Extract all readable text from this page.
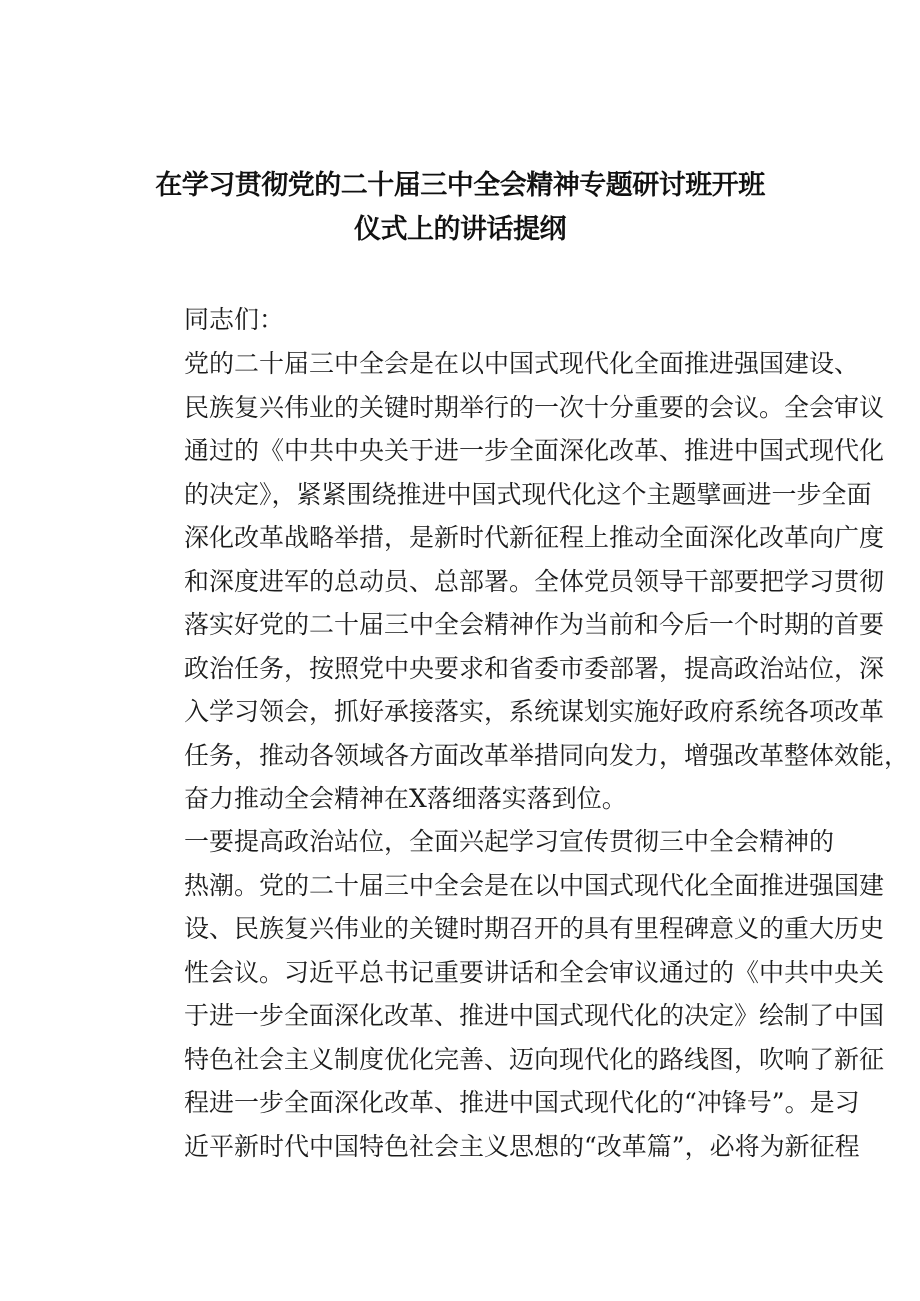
在学习贯彻党的二十届三中全会精神专题研讨班开班
仪式上的讲话提纲

同志们：

党的二十届三中全会是在以中国式现代化全面推进强国建设、
民族复兴伟业的关键时期举行的一次十分重要的会议。全会审议
通过的《中共中央关于进一步全面深化改革、推进中国式现代化
的决定》，紧紧围绕推进中国式现代化这个主题擘画进一步全面
深化改革战略举措，是新时代新征程上推动全面深化改革向广度
和深度进军的总动员、总部署。全体党员领导干部要把学习贯彻
落实好党的二十届三中全会精神作为当前和今后一个时期的首要
政治任务，按照党中央要求和省委市委部署，提高政治站位，深
入学习领会，抓好承接落实，系统谋划实施好政府系统各项改革
任务，推动各领域各方面改革举措同向发力，增强改革整体效能，
奋力推动全会精神在X落细落实落到位。

一要提高政治站位，全面兴起学习宣传贯彻三中全会精神的
热潮。党的二十届三中全会是在以中国式现代化全面推进强国建
设、民族复兴伟业的关键时期召开的具有里程碑意义的重大历史
性会议。习近平总书记重要讲话和全会审议通过的《中共中央关
于进一步全面深化改革、推进中国式现代化的决定》绘制了中国
特色社会主义制度优化完善、迈向现代化的路线图，吹响了新征
程进一步全面深化改革、推进中国式现代化的“冲锋号”。是习
近平新时代中国特色社会主义思想的“改革篇”，必将为新征程
